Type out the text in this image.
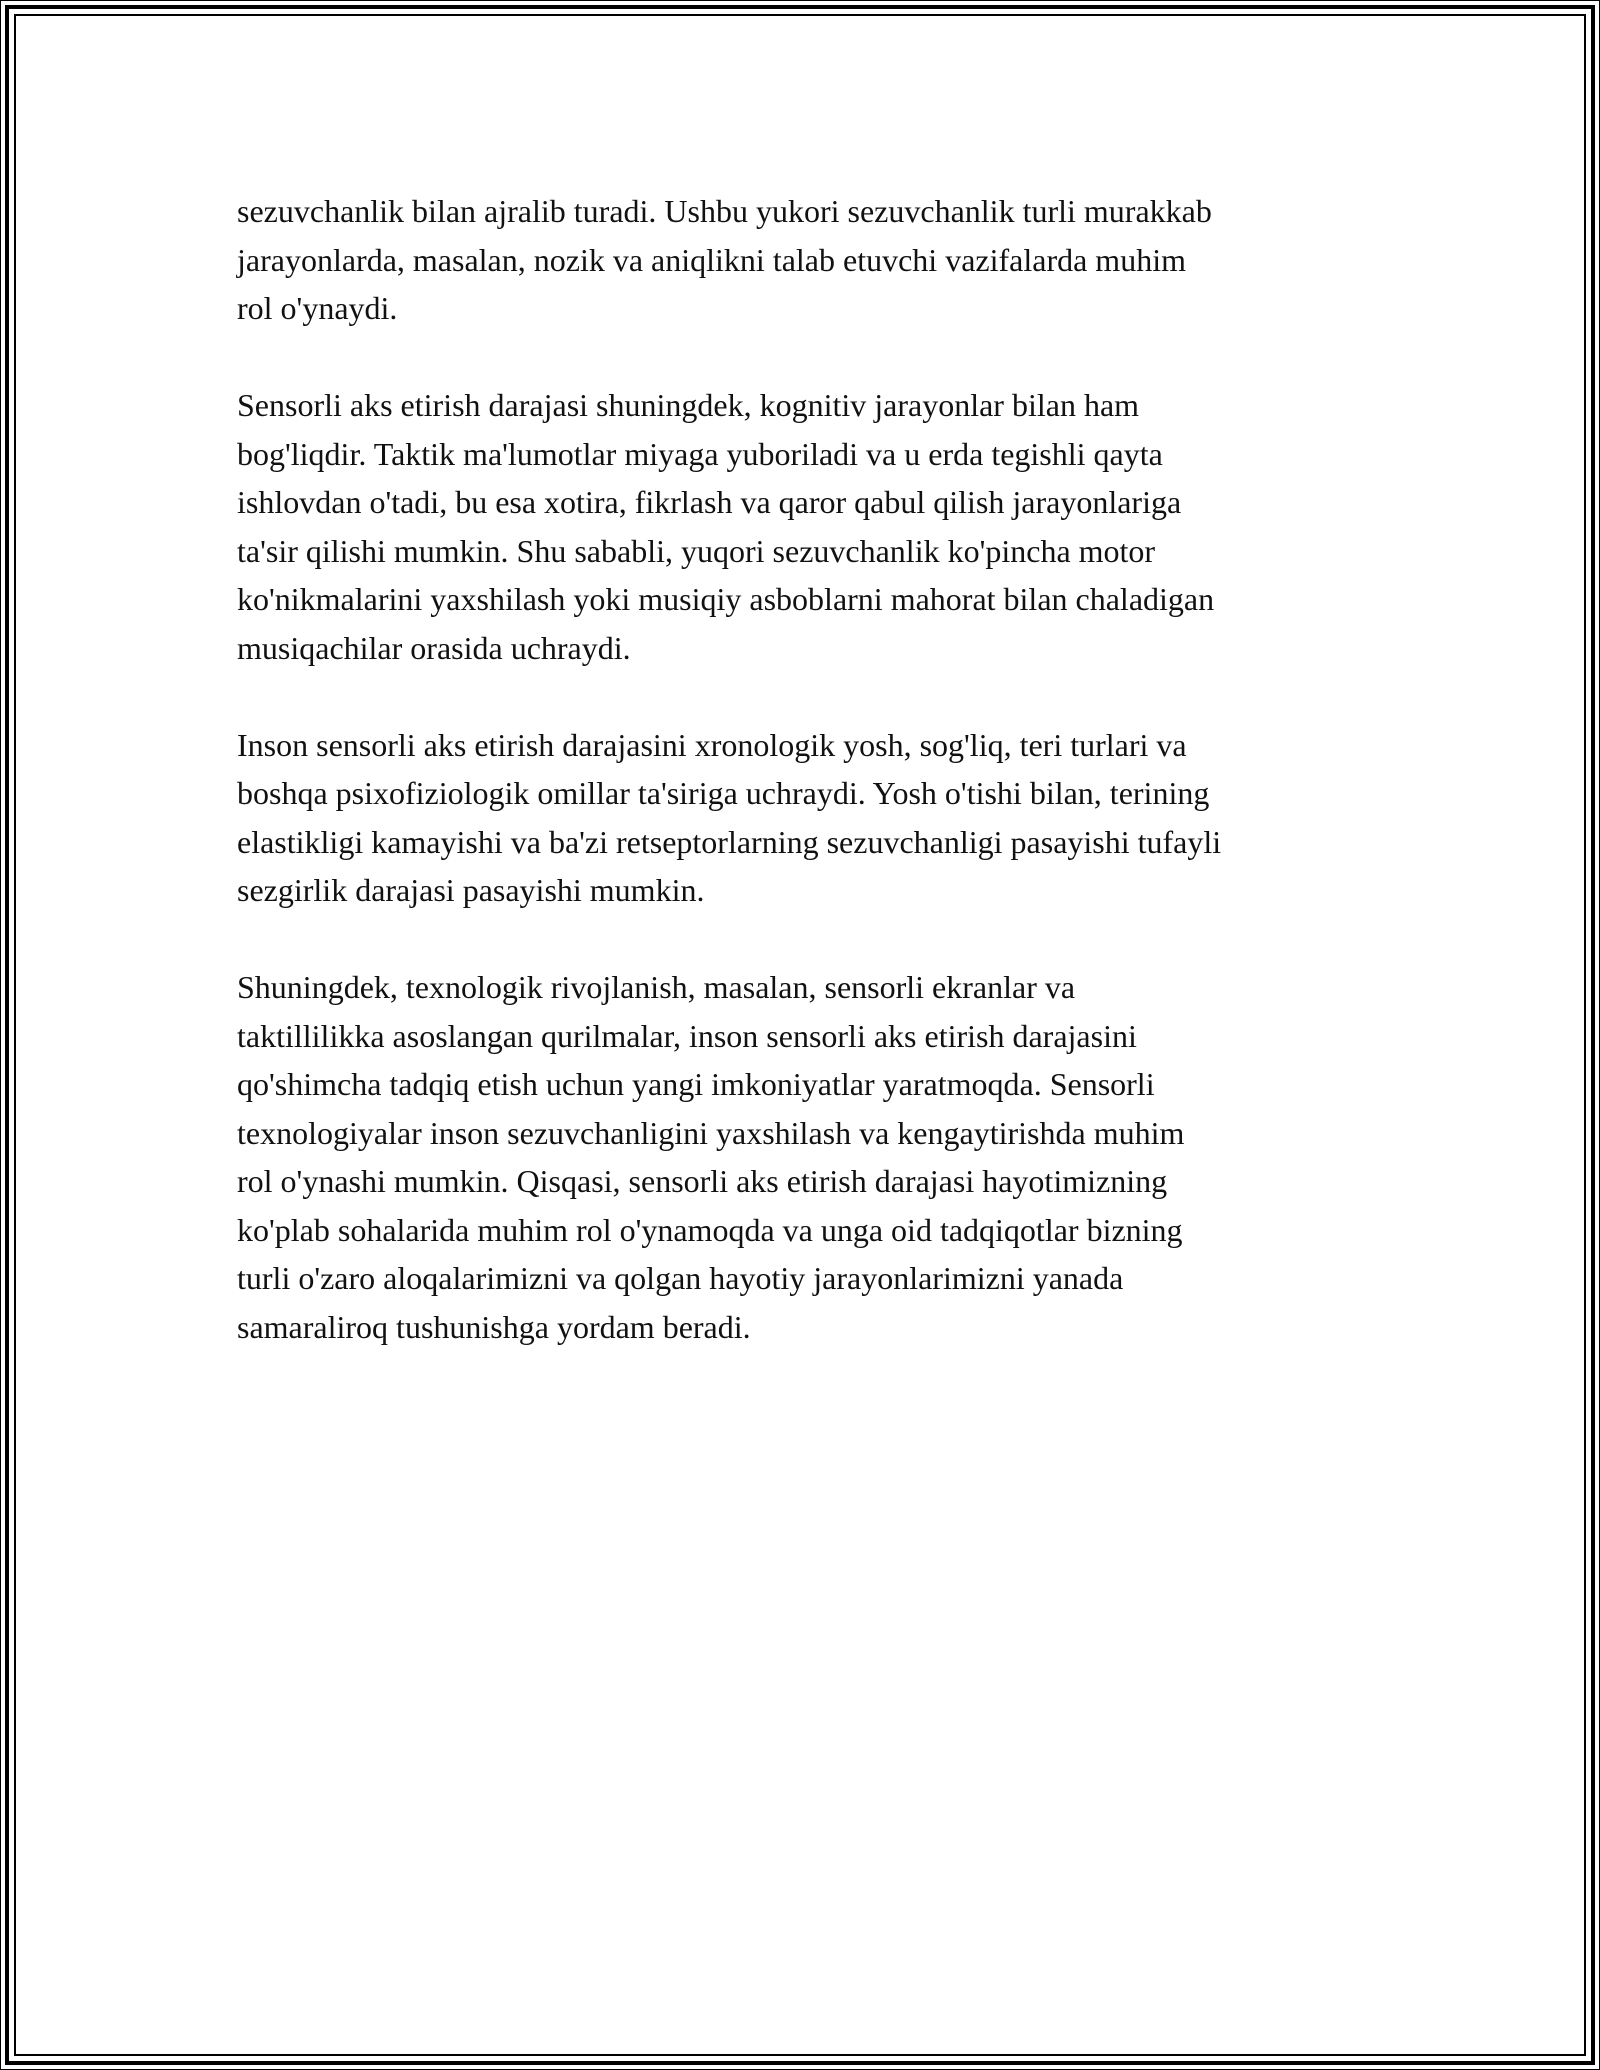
sezuvchanlik bilan ajralib turadi. Ushbu yukori sezuvchanlik turli murakkab
jarayonlarda, masalan, nozik va aniqlikni talab etuvchi vazifalarda muhim
rol o'ynaydi.

Sensorli aks etirish darajasi shuningdek, kognitiv jarayonlar bilan ham
bog'liqdir. Taktik ma'lumotlar miyaga yuboriladi va u erda tegishli qayta
ishlovdan o'tadi, bu esa xotira, fikrlash va qaror qabul qilish jarayonlariga
ta'sir qilishi mumkin. Shu sababli, yuqori sezuvchanlik ko'pincha motor
ko'nikmalarini yaxshilash yoki musiqiy asboblarni mahorat bilan chaladigan
musiqachilar orasida uchraydi.

Inson sensorli aks etirish darajasini xronologik yosh, sog'liq, teri turlari va
boshqa psixofiziologik omillar ta'siriga uchraydi. Yosh o'tishi bilan, terining
elastikligi kamayishi va ba'zi retseptorlarning sezuvchanligi pasayishi tufayli
sezgirlik darajasi pasayishi mumkin.

Shuningdek, texnologik rivojlanish, masalan, sensorli ekranlar va
taktillilikka asoslangan qurilmalar, inson sensorli aks etirish darajasini
qo'shimcha tadqiq etish uchun yangi imkoniyatlar yaratmoqda. Sensorli
texnologiyalar inson sezuvchanligini yaxshilash va kengaytirishda muhim
rol o'ynashi mumkin. Qisqasi, sensorli aks etirish darajasi hayotimizning
ko'plab sohalarida muhim rol o'ynamoqda va unga oid tadqiqotlar bizning
turli o'zaro aloqalarimizni va qolgan hayotiy jarayonlarimizni yanada
samaraliroq tushunishga yordam beradi.
